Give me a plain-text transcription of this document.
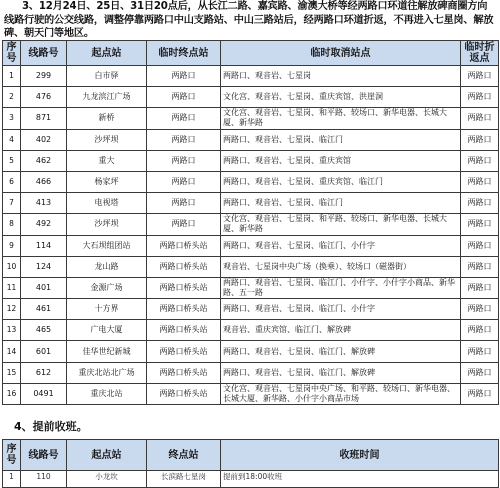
3、12月24日、25日、31日20点后，从长江二路、嘉宾路、渝澳大桥等经两路口环道往解放碑商圈方向线路行驶的公交线路，调整停靠两路口中山支路站、中山三路站后，经两路口环道折返，不再进入七星岗、解放碑、朝天门等地区。
序号	线路号	起点站	临时终点站	临时取消站点	临时折返点
1	299	白市驿	两路口	两路口、观音岩、七星岗	两路口
2	476	九龙滨江广场	两路口	文化宫、观音岩、七星岗、重庆宾馆、洪崖洞	两路口
3	871	新桥	两路口	文化宫、观音岩、七星岗、和平路、较场口、新华电器、长城大厦、新华路	两路口
4	402	沙坪坝	两路口	两路口、观音岩、七星岗、临江门	两路口
5	462	重大	两路口	两路口、观音岩、七星岗、重庆宾馆	两路口
6	466	杨家坪	两路口	两路口、观音岩、七星岗、重庆宾馆、临江门	两路口
7	413	电视塔	两路口	两路口、观音岩、七星岗、临江门	两路口
8	492	沙坪坝	两路口	文化宫、观音岩、七星岗、和平路、较场口、新华电器、长城大厦、新华路	两路口
9	114	大石坝组团站	两路口桥头站	两路口、观音岩、七星岗、临江门、小什字	两路口
10	124	龙山路	两路口桥头站	观音岩、七星岗中央广场（换乘）、较场口（磁器街）	两路口
11	401	金源广场	两路口桥头站	两路口、观音岩、七星岗、临江门、小什字、小什字小商品、新华路、五一路	两路口
12	461	十方界	两路口桥头站	两路口、观音岩、七星岗、临江门、小什字	两路口
13	465	广电大厦	两路口桥头站	观音岩、重庆宾馆、临江门、解放碑	两路口
14	601	佳华世纪新城	两路口桥头站	两路口、观音岩、七星岗、临江门、解放碑	两路口
15	612	重庆北站北广场	两路口桥头站	两路口、观音岩、七星岗、临江门、解放碑	两路口
16	0491	重庆北站	两路口桥头站	文化宫、观音岩、七星岗中央广场、和平路、较场口、新华电器、长城大厦、新华路、小什字小商品市场	两路口
4、提前收班。
序号	线路号	起点站	终点站	收班时间
1	110	小龙坎	长滨路七星岗	提前到18:00收班
